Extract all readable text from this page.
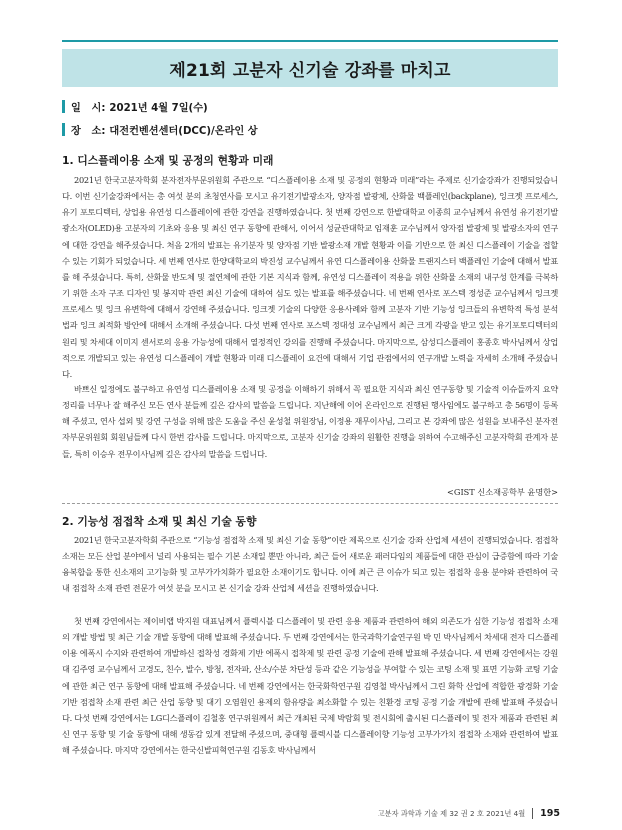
제21회 고분자 신기술 강좌를 마치고
일   시: 2021년 4월 7일(수)
장   소: 대전컨벤션센터(DCC)/온라인 상
1. 디스플레이용 소재 및 공정의 현황과 미래

2021년 한국고분자학회 분자전자부문위원회 주관으로 “디스플레이용 소재 및 공정의 현황과 미래”라는 주제로 신기술강좌가 진행되었습니다. 이번 신기술강좌에서는 총 여섯 분의 초청연사를 모시고 유기전기발광소자, 양자점 발광체, 산화물 백플레인(backplane), 잉크젯 프로세스, 유기 포토디텍터, 상업용 유연성 디스플레이에 관한 강연을 진행하였습니다. 첫 번째 강연으로 한밭대학교 이종희 교수님께서 유연성 유기전기발광소자(OLED)용 고분자의 기초와 응용 및 최신 연구 동향에 관해서, 이어서 성균관대학교 임재훈 교수님께서 양자점 발광체 및 발광소자의 연구에 대한 강연을 해주셨습니다. 처음 2개의 발표는 유기분자 및 양자점 기반 발광소재 개발 현황과 이를 기반으로 한 최신 디스플레이 기술을 접할 수 있는 기회가 되었습니다. 세 번째 연사로 한양대학교의 박진성 교수님께서 유연 디스플레이용 산화물 트랜지스터 백플레인 기술에 대해서 발표를 해 주셨습니다. 특히, 산화물 반도체 및 절연체에 관한 기본 지식과 함께, 유연성 디스플레이 적용을 위한 산화물 소재의 내구성 한계를 극복하기 위한 소자 구조 디자인 및 봉지막 관련 최신 기술에 대하여 심도 있는 발표를 해주셨습니다. 네 번째 연사로 포스텍 정성준 교수님께서 잉크젯 프로세스 및 잉크 유변학에 대해서 강연해 주셨습니다. 잉크젯 기술의 다양한 응용사례와 함께 고분자 기반 기능성 잉크들의 유변학적 특성 분석법과 잉크 최적화 방안에 대해서 소개해 주셨습니다. 다섯 번째 연사로 포스텍 정대성 교수님께서 최근 크게 각광을 받고 있는 유기포토디텍터의 원리 및 차세대 이미지 센서로의 응용 가능성에 대해서 열정적인 강의를 진행해 주셨습니다. 마지막으로, 삼성디스플레이 홍종호 박사님께서 상업적으로 개발되고 있는 유연성 디스플레이 개발 현황과 미래 디스플레이 요건에 대해서 기업 관점에서의 연구개발 노력을 자세히 소개해 주셨습니다.

바쁘신 일정에도 불구하고 유연성 디스플레이용 소재 및 공정을 이해하기 위해서 꼭 필요한 지식과 최신 연구동향 및 기술적 이슈들까지 요약정리를 너무나 잘 해주신 모든 연사 분들께 깊은 감사의 말씀을 드립니다. 지난해에 이어 온라인으로 진행된 행사임에도 불구하고 총 56명이 등록해 주셨고, 연사 섭외 및 강연 구성을 위해 많은 도움을 주신 윤성철 위원장님, 이정용 재무이사님, 그리고 본 강좌에 많은 성원을 보내주신 분자전자부문위원회 회원님들께 다시 한번 감사를 드립니다. 마지막으로, 고분자 신기술 강좌의 원활한 진행을 위하여 수고해주신 고분자학회 관계자 분들, 특히 이승우 전무이사님께 깊은 감사의 말씀을 드립니다.

<GIST 신소재공학부 윤명한>
2. 기능성 점접착 소재 및 최신 기술 동향

2021년 한국고분자학회 주관으로 “기능성 점접착 소재 및 최신 기술 동향”이란 제목으로 신기술 강좌 산업체 세션이 진행되었습니다. 점접착 소재는 모든 산업 분야에서 널리 사용되는 필수 기본 소재일 뿐만 아니라, 최근 들어 새로운 패러다임의 제품들에 대한 관심이 급증함에 따라 기술융복합을 통한 신소재의 고기능화 및 고부가가치화가 필요한 소재이기도 합니다. 이에 최근 큰 이슈가 되고 있는 점접착 응용 분야와 관련하여 국내 점접착 소재 관련 전문가 여섯 분을 모시고 본 신기술 강좌 산업체 세션을 진행하였습니다.

첫 번째 강연에서는 제이비랩 박지원 대표님께서 플렉시블 디스플레이 및 관련 응용 제품과 관련하여 해외 의존도가 심한 기능성 점접착 소재의 개발 방법 및 최근 기술 개발 동향에 대해 발표해 주셨습니다. 두 번째 강연에서는 한국과학기술연구원 박 민 박사님께서 차세대 전자 디스플레이용 에폭시 수지와 관련하여 개발하신 접착성 경화제 기반 에폭시 접착제 및 관련 공정 기술에 관해 발표해 주셨습니다. 세 번째 강연에서는 강원대 김주영 교수님께서 고경도, 친수, 발수, 방청, 전자파, 산소/수분 차단성 등과 같은 기능성을 부여할 수 있는 코팅 소재 및 표면 기능화 코팅 기술에 관한 최근 연구 동향에 대해 발표해 주셨습니다. 네 번째 강연에서는 한국화학연구원 김영철 박사님께서 그린 화학 산업에 적합한 광경화 기술 기반 점접착 소재 관련 최근 산업 동향 및 대기 오염원인 용제의 함유량을 최소화할 수 있는 친환경 코팅 공정 기술 개발에 관해 발표해 주셨습니다. 다섯 번째 강연에서는 LG디스플레이 김철홍 연구위원께서 최근 개최된 국제 박람회 및 전시회에 출시된 디스플레이 및 전자 제품과 관련된 최신 연구 동향 및 기술 동향에 대해 생동감 있게 전달해 주셨으며, 중대형 플렉시블 디스플레이향 기능성 고부가가치 점접착 소재와 관련하여 발표해 주셨습니다. 마지막 강연에서는 한국신발피혁연구원 김동호 박사님께서

고분자 과학과 기술 제 32 권 2 호 2021년 4월 195
